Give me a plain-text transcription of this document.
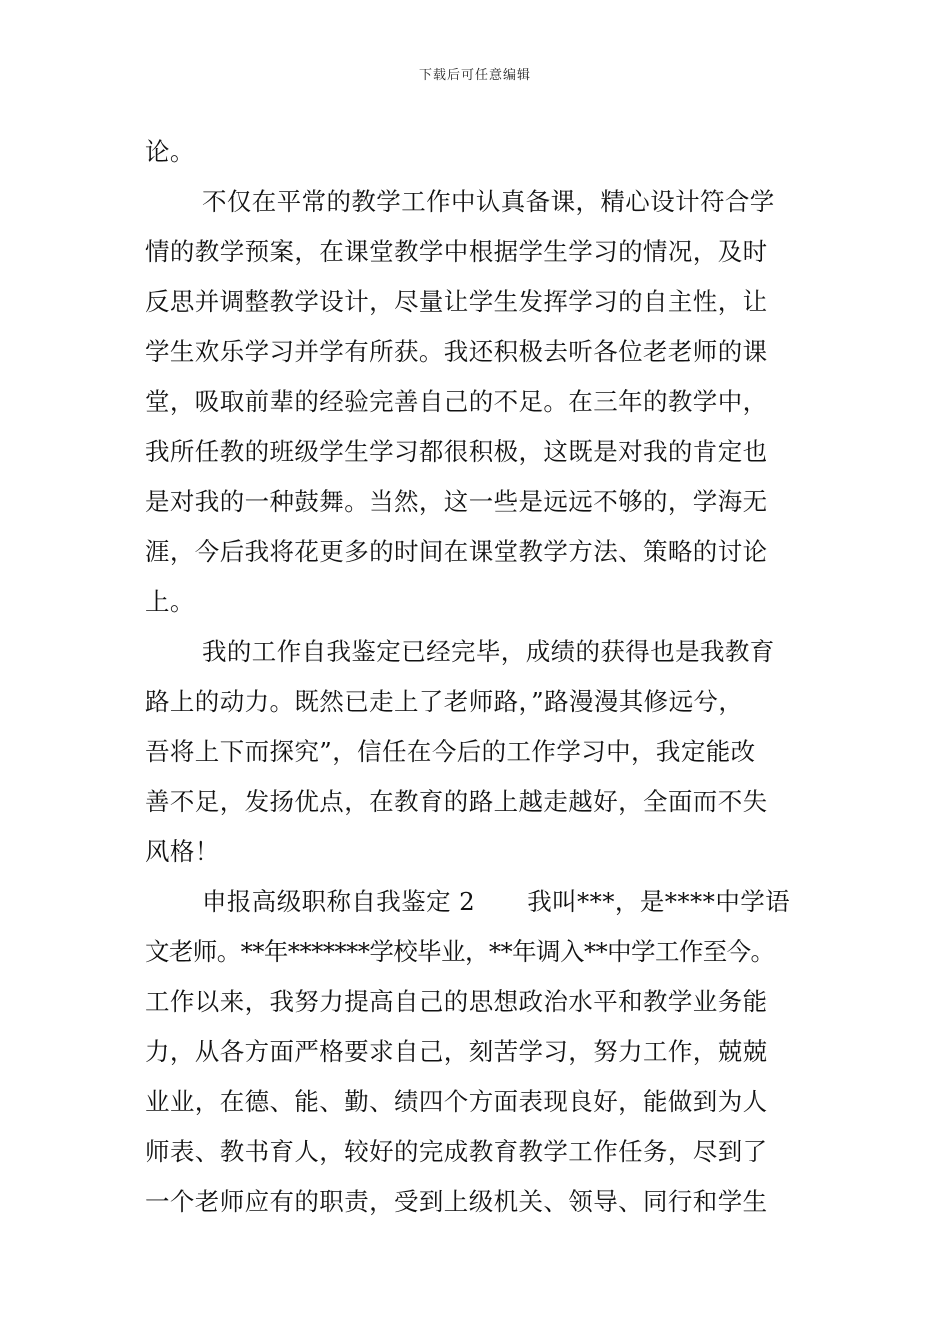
下载后可任意编辑
论。
不仅在平常的教学工作中认真备课，精心设计符合学
情的教学预案，在课堂教学中根据学生学习的情况，及时
反思并调整教学设计，尽量让学生发挥学习的自主性，让
学生欢乐学习并学有所获。我还积极去听各位老老师的课
堂，吸取前辈的经验完善自己的不足。在三年的教学中，
我所任教的班级学生学习都很积极，这既是对我的肯定也
是对我的一种鼓舞。当然，这一些是远远不够的，学海无
涯，今后我将花更多的时间在课堂教学方法、策略的讨论
上。
我的工作自我鉴定已经完毕，成绩的获得也是我教育
路上的动力。既然已走上了老师路，”路漫漫其修远兮，
吾将上下而探究”，信任在今后的工作学习中，我定能改
善不足，发扬优点，在教育的路上越走越好，全面而不失
风格！
申报高级职称自我鉴定 2 我叫***，是****中学语
文老师。**年*******学校毕业，**年调入**中学工作至今。
工作以来，我努力提高自己的思想政治水平和教学业务能
力，从各方面严格要求自己，刻苦学习，努力工作，兢兢
业业，在德、能、勤、绩四个方面表现良好，能做到为人
师表、教书育人，较好的完成教育教学工作任务，尽到了
一个老师应有的职责，受到上级机关、领导、同行和学生
